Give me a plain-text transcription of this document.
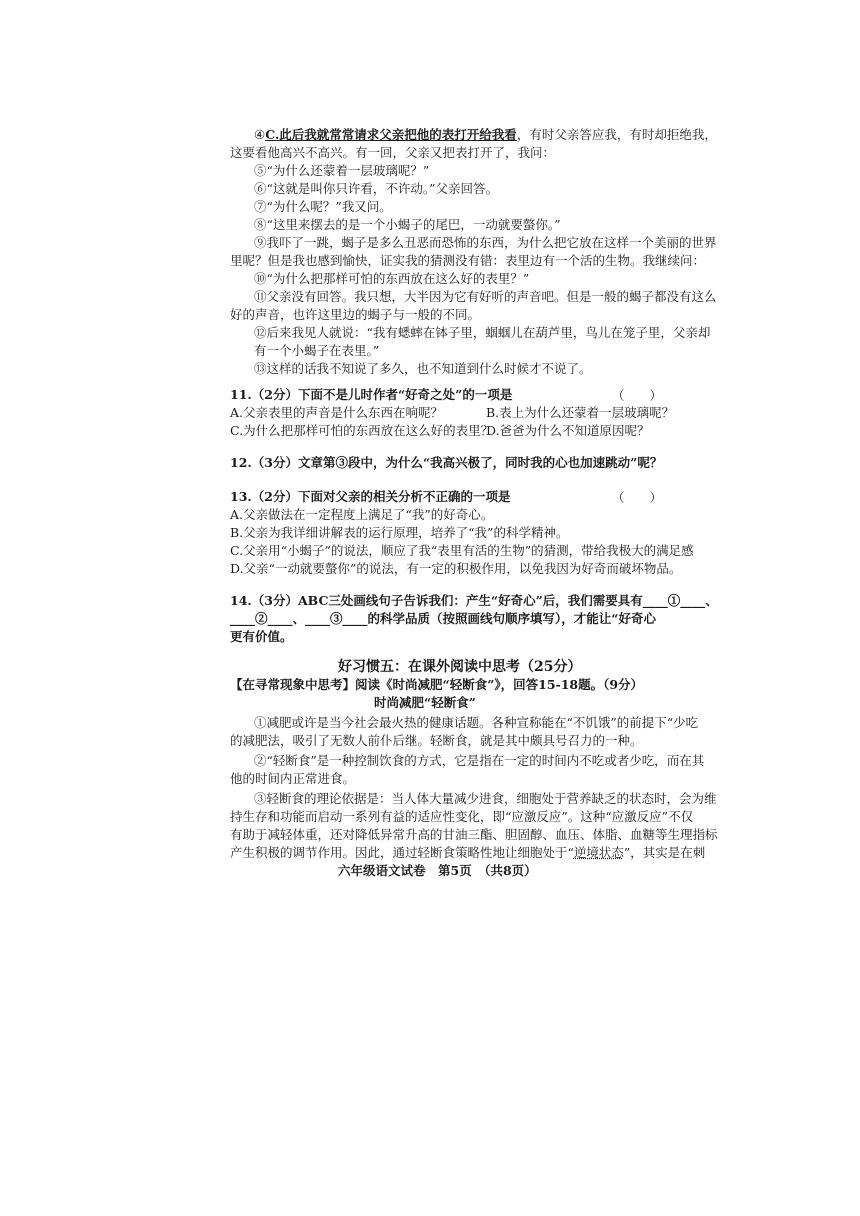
④C.此后我就常常请求父亲把他的表打开给我看，有时父亲答应我，有时却拒绝我，
这要看他高兴不高兴。有一回，父亲又把表打开了，我问：
⑤“为什么还蒙着一层玻璃呢？”
⑥“这就是叫你只许看，不许动。”父亲回答。
⑦“为什么呢？”我又问。
⑧“这里来摆去的是一个小蝎子的尾巴，一动就要螫你。”
⑨我吓了一跳，蝎子是多么丑恶而恐怖的东西，为什么把它放在这样一个美丽的世界
里呢？但是我也感到愉快，证实我的猜测没有错：表里边有一个活的生物。我继续问：
⑩“为什么把那样可怕的东西放在这么好的表里？”
⑪父亲没有回答。我只想，大半因为它有好听的声音吧。但是一般的蝎子都没有这么
好的声音，也许这里边的蝎子与一般的不同。
⑫后来我见人就说：“我有蟋蟀在钵子里，蝈蝈儿在葫芦里，鸟儿在笼子里，父亲却
有一个小蝎子在表里。”
⑬这样的话我不知说了多久，也不知道到什么时候才不说了。
11.（2分）下面不是儿时作者“好奇之处”的一项是	（　　）
A.父亲表里的声音是什么东西在响呢？	B.表上为什么还蒙着一层玻璃呢？
C.为什么把那样可怕的东西放在这么好的表里？
D.爸爸为什么不知道原因呢？
12.（3分）文章第③段中，为什么“我高兴极了，同时我的心也加速跳动”呢？
13.（2分）下面对父亲的相关分析不正确的一项是	（　　）
A.父亲做法在一定程度上满足了“我”的好奇心。
B.父亲为我详细讲解表的运行原理，培养了“我”的科学精神。
C.父亲用“小蝎子”的说法，顺应了我“表里有活的生物”的猜测，带给我极大的满足感
D.父亲“一动就要螫你”的说法，有一定的积极作用，以免我因为好奇而破坏物品。
14.（3分）ABC三处画线句子告诉我们：产生“好奇心”后，我们需要具有____①____、
____②____、____③____的科学品质（按照画线句顺序填写），才能让“好奇心
更有价值。
好习惯五：在课外阅读中思考（25分）
【在寻常现象中思考】阅读《时尚减肥“轻断食”》，回答15-18题。（9分）
时尚减肥“轻断食”
①减肥或许是当今社会最火热的健康话题。各种宣称能在“不饥饿”的前提下“少吃
的减肥法，吸引了无数人前仆后继。轻断食，就是其中颇具号召力的一种。
②“轻断食”是一种控制饮食的方式，它是指在一定的时间内不吃或者少吃，而在其
他的时间内正常进食。
③轻断食的理论依据是：当人体大量减少进食，细胞处于营养缺乏的状态时，会为维
持生存和功能而启动一系列有益的适应性变化，即“应激反应”。这种“应激反应”不仅
有助于减轻体重，还对降低异常升高的甘油三酯、胆固醇、血压、体脂、血糖等生理指标
产生积极的调节作用。因此，通过轻断食策略性地让细胞处于“逆境状态”，其实是在刺
六年级语文试卷　第5页　（共8页）
